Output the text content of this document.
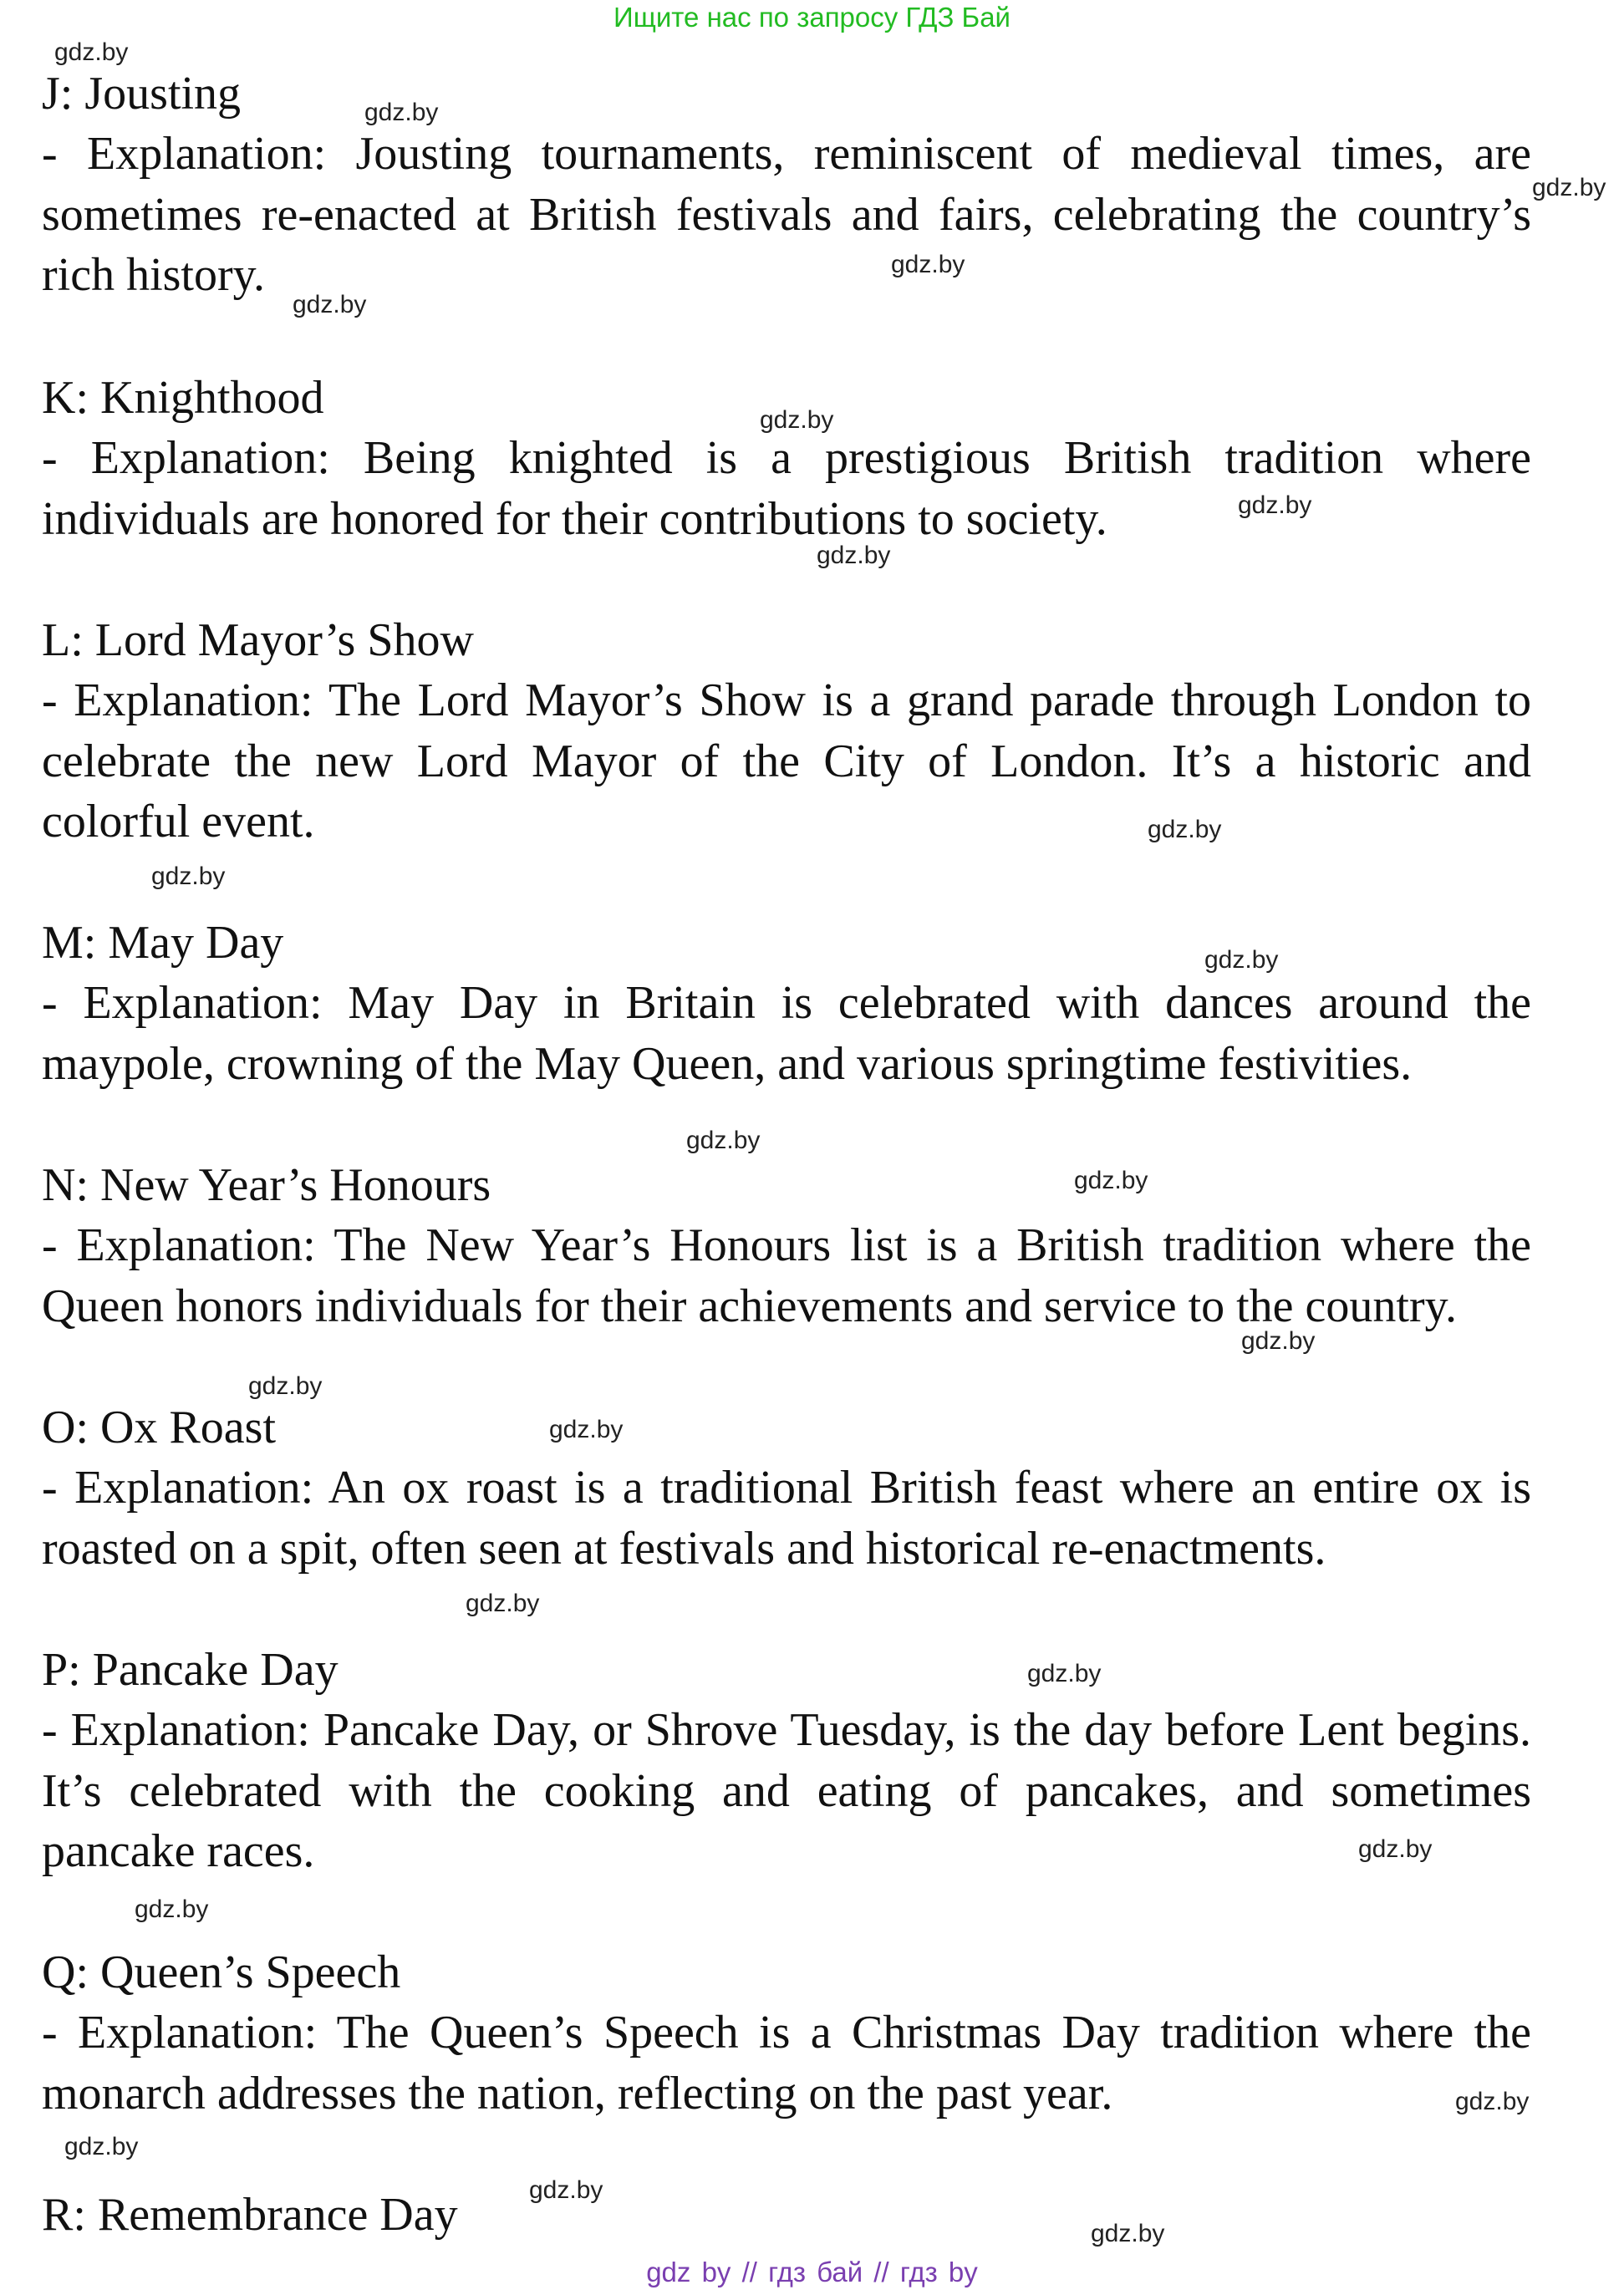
Ищите нас по запросу ГДЗ Бай
J: Jousting

- Explanation: Jousting tournaments, reminiscent of medieval times, are sometimes re-enacted at British festivals and fairs, celebrating the country’s rich history.

K: Knighthood

- Explanation: Being knighted is a prestigious British tradition where individuals are honored for their contributions to society.

L: Lord Mayor’s Show

- Explanation: The Lord Mayor’s Show is a grand parade through London to celebrate the new Lord Mayor of the City of London. It’s a historic and colorful event.

M: May Day

- Explanation: May Day in Britain is celebrated with dances around the maypole, crowning of the May Queen, and various springtime festivities.

N: New Year’s Honours

- Explanation: The New Year’s Honours list is a British tradition where the Queen honors individuals for their achievements and service to the country.

O: Ox Roast

- Explanation: An ox roast is a traditional British feast where an entire ox is roasted on a spit, often seen at festivals and historical re-enactments.

P: Pancake Day

- Explanation: Pancake Day, or Shrove Tuesday, is the day before Lent begins. It’s celebrated with the cooking and eating of pancakes, and sometimes pancake races.

Q: Queen’s Speech

- Explanation: The Queen’s Speech is a Christmas Day tradition where the monarch addresses the nation, reflecting on the past year.

R: Remembrance Day
gdz.by
gdz.by
gdz.by
gdz.by
gdz.by
gdz.by
gdz.by
gdz.by
gdz.by
gdz.by
gdz.by
gdz.by
gdz.by
gdz.by
gdz.by
gdz.by
gdz.by
gdz.by
gdz.by
gdz.by
gdz.by
gdz.by
gdz.by
gdz.by
gdz by // гдз бай // гдз by
